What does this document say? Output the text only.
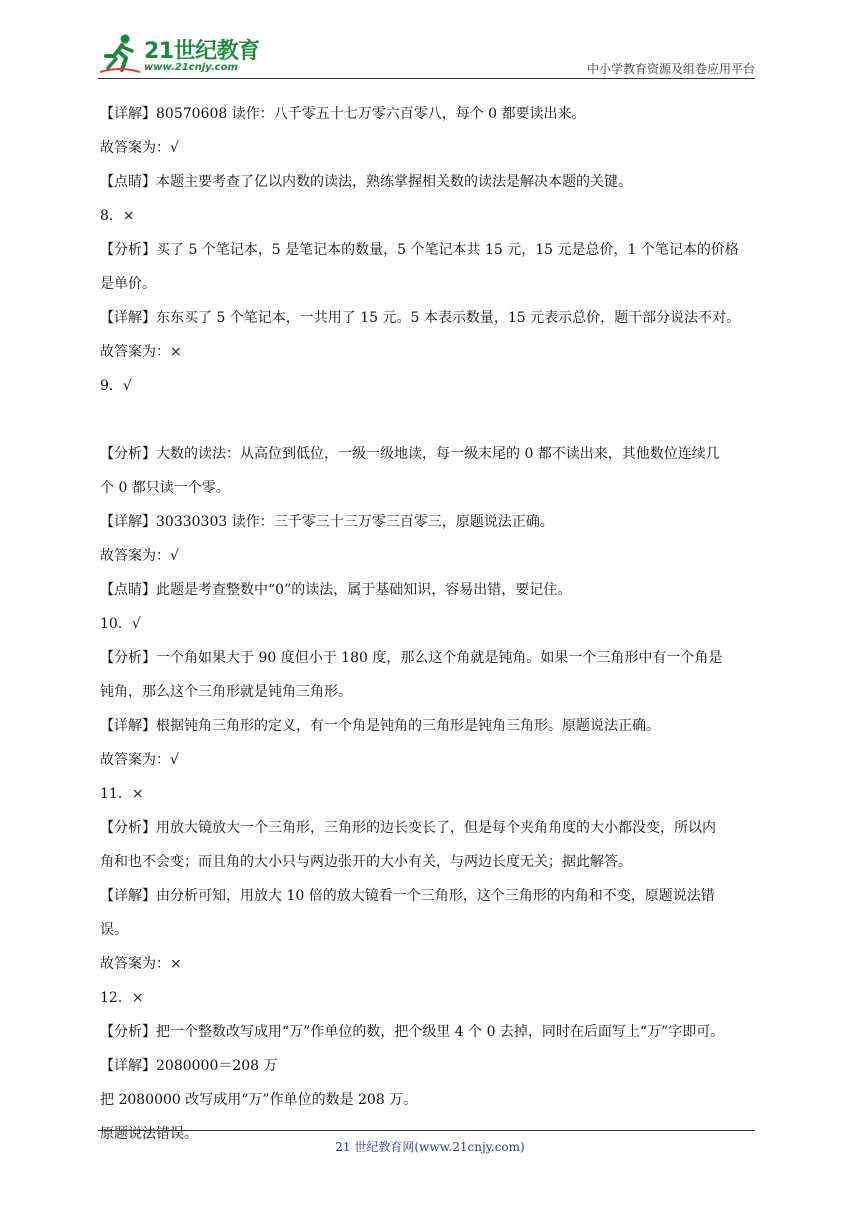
21世纪教育
www.21cnjy.com	中小学教育资源及组卷应用平台

【详解】80570608 读作：八千零五十七万零六百零八，每个 0 都要读出来。

故答案为：√

【点睛】本题主要考查了亿以内数的读法，熟练掌握相关数的读法是解决本题的关键。

8．×

【分析】买了 5 个笔记本，5 是笔记本的数量，5 个笔记本共 15 元，15 元是总价，1 个笔记本的价格

是单价。

【详解】东东买了 5 个笔记本，一共用了 15 元。5 本表示数量，15 元表示总价，题干部分说法不对。

故答案为：×

9．√

【分析】大数的读法：从高位到低位，一级一级地读，每一级末尾的 0 都不读出来，其他数位连续几

个 0 都只读一个零。

【详解】30330303 读作：三千零三十三万零三百零三，原题说法正确。

故答案为：√

【点睛】此题是考查整数中“0”的读法，属于基础知识，容易出错，要记住。

10．√

【分析】一个角如果大于 90 度但小于 180 度，那么这个角就是钝角。如果一个三角形中有一个角是

钝角，那么这个三角形就是钝角三角形。

【详解】根据钝角三角形的定义，有一个角是钝角的三角形是钝角三角形。原题说法正确。

故答案为：√

11．×

【分析】用放大镜放大一个三角形，三角形的边长变长了，但是每个夹角角度的大小都没变，所以内

角和也不会变；而且角的大小只与两边张开的大小有关，与两边长度无关；据此解答。

【详解】由分析可知，用放大 10 倍的放大镜看一个三角形，这个三角形的内角和不变，原题说法错

误。

故答案为：×

12．×

【分析】把一个整数改写成用“万”作单位的数，把个级里 4 个 0 去掉，同时在后面写上“万”字即可。

【详解】2080000＝208 万

把 2080000 改写成用“万”作单位的数是 208 万。

原题说法错误。

21 世纪教育网(www.21cnjy.com)
